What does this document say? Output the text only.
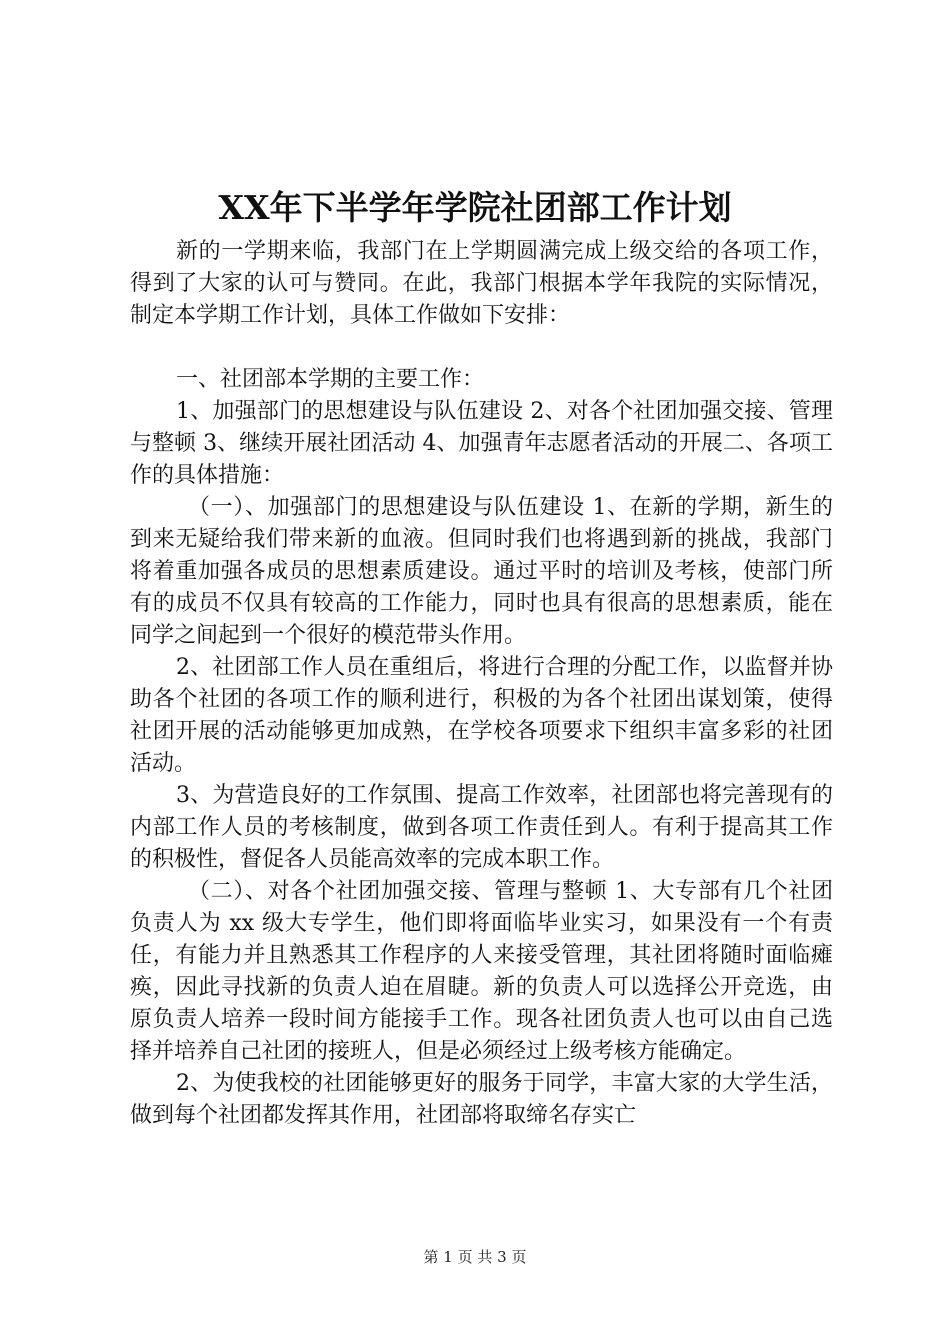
XX年下半学年学院社团部工作计划

新的一学期来临，我部门在上学期圆满完成上级交给的各项工作，得到了大家的认可与赞同。在此，我部门根据本学年我院的实际情况，制定本学期工作计划，具体工作做如下安排：

一、社团部本学期的主要工作：

1、加强部门的思想建设与队伍建设 2、对各个社团加强交接、管理与整顿 3、继续开展社团活动 4、加强青年志愿者活动的开展二、各项工作的具体措施：

（一）、加强部门的思想建设与队伍建设 1、在新的学期，新生的到来无疑给我们带来新的血液。但同时我们也将遇到新的挑战，我部门将着重加强各成员的思想素质建设。通过平时的培训及考核，使部门所有的成员不仅具有较高的工作能力，同时也具有很高的思想素质，能在同学之间起到一个很好的模范带头作用。

2、社团部工作人员在重组后，将进行合理的分配工作，以监督并协助各个社团的各项工作的顺利进行，积极的为各个社团出谋划策，使得社团开展的活动能够更加成熟，在学校各项要求下组织丰富多彩的社团活动。

3、为营造良好的工作氛围、提高工作效率，社团部也将完善现有的内部工作人员的考核制度，做到各项工作责任到人。有利于提高其工作的积极性，督促各人员能高效率的完成本职工作。

（二）、对各个社团加强交接、管理与整顿 1、大专部有几个社团负责人为 xx 级大专学生，他们即将面临毕业实习，如果没有一个有责任，有能力并且熟悉其工作程序的人来接受管理，其社团将随时面临瘫痪，因此寻找新的负责人迫在眉睫。新的负责人可以选择公开竞选，由原负责人培养一段时间方能接手工作。现各社团负责人也可以由自己选择并培养自己社团的接班人，但是必须经过上级考核方能确定。

2、为使我校的社团能够更好的服务于同学，丰富大家的大学生活，做到每个社团都发挥其作用，社团部将取缔名存实亡

第 1 页 共 3 页
